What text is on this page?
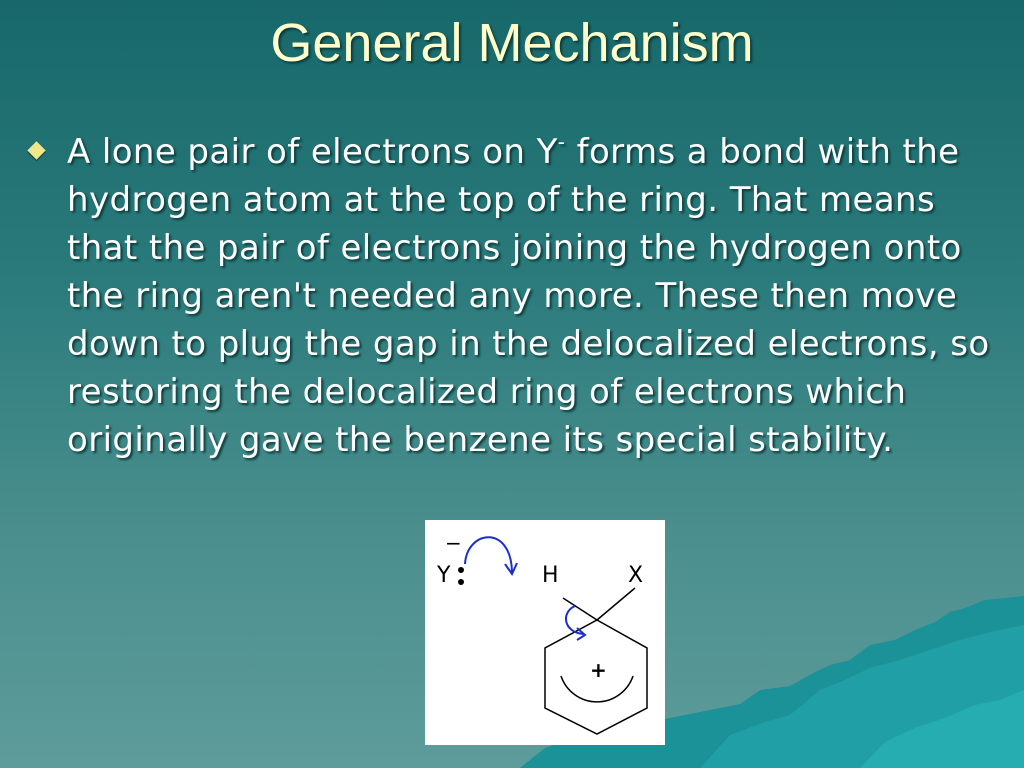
General Mechanism
A lone pair of electrons on Y- forms a bond with the hydrogen atom at the top of the ring. That means that the pair of electrons joining the hydrogen onto the ring aren't needed any more. These then move down to plug the gap in the delocalized electrons, so restoring the delocalized ring of electrons which originally gave the benzene its special stability.
−
Y	H	X
+
